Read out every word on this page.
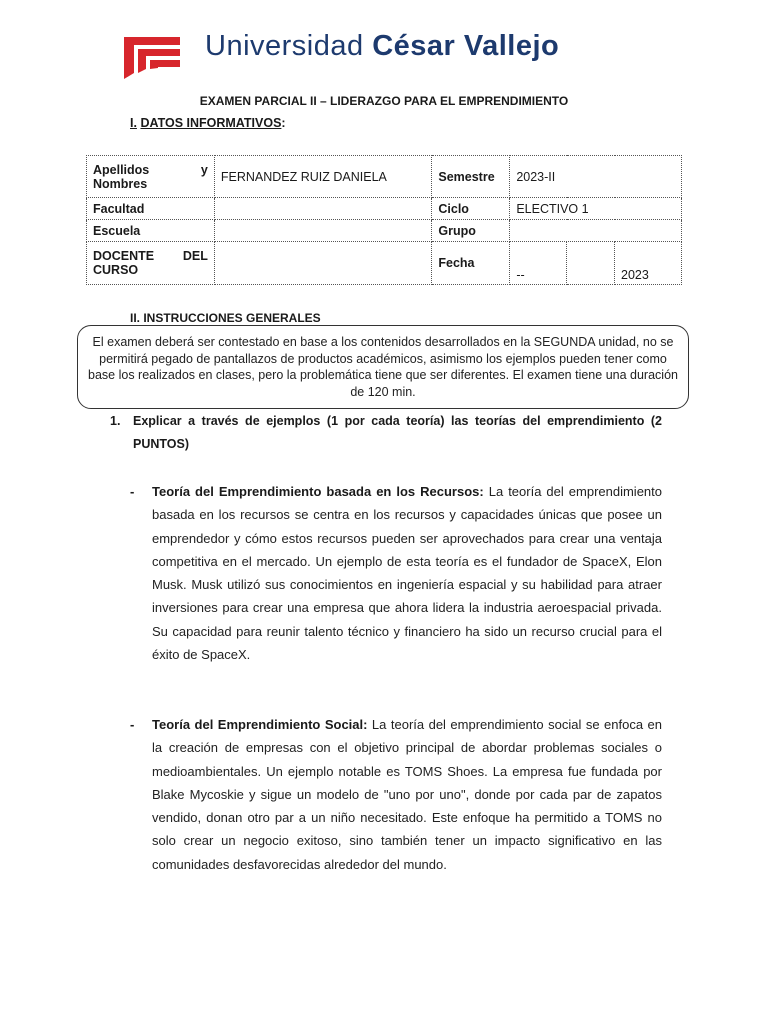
Universidad César Vallejo
EXAMEN PARCIAL II – LIDERAZGO PARA EL EMPRENDIMIENTO
I. DATOS INFORMATIVOS:
Apellidos y
Nombres	FERNANDEZ RUIZ DANIELA	Semestre	2023-II		
Facultad		Ciclo	ELECTIVO 1		
Escuela		Grupo			

DOCENTE DEL
CURSO		Fecha	--		2023
II. INSTRUCCIONES GENERALES
El examen deberá ser contestado en base a los contenidos desarrollados en la SEGUNDA unidad, no se permitirá pegado de pantallazos de productos académicos, asimismo los ejemplos pueden tener como base los realizados en clases, pero la problemática tiene que ser diferentes. El examen tiene una duración de 120 min.
1. Explicar a través de ejemplos (1 por cada teoría) las teorías del emprendimiento (2 PUNTOS)
- Teoría del Emprendimiento basada en los Recursos: La teoría del emprendimiento basada en los recursos se centra en los recursos y capacidades únicas que posee un emprendedor y cómo estos recursos pueden ser aprovechados para crear una ventaja competitiva en el mercado. Un ejemplo de esta teoría es el fundador de SpaceX, Elon Musk. Musk utilizó sus conocimientos en ingeniería espacial y su habilidad para atraer inversiones para crear una empresa que ahora lidera la industria aeroespacial privada. Su capacidad para reunir talento técnico y financiero ha sido un recurso crucial para el éxito de SpaceX.
- Teoría del Emprendimiento Social: La teoría del emprendimiento social se enfoca en la creación de empresas con el objetivo principal de abordar problemas sociales o medioambientales. Un ejemplo notable es TOMS Shoes. La empresa fue fundada por Blake Mycoskie y sigue un modelo de "uno por uno", donde por cada par de zapatos vendido, donan otro par a un niño necesitado. Este enfoque ha permitido a TOMS no solo crear un negocio exitoso, sino también tener un impacto significativo en las comunidades desfavorecidas alrededor del mundo.
